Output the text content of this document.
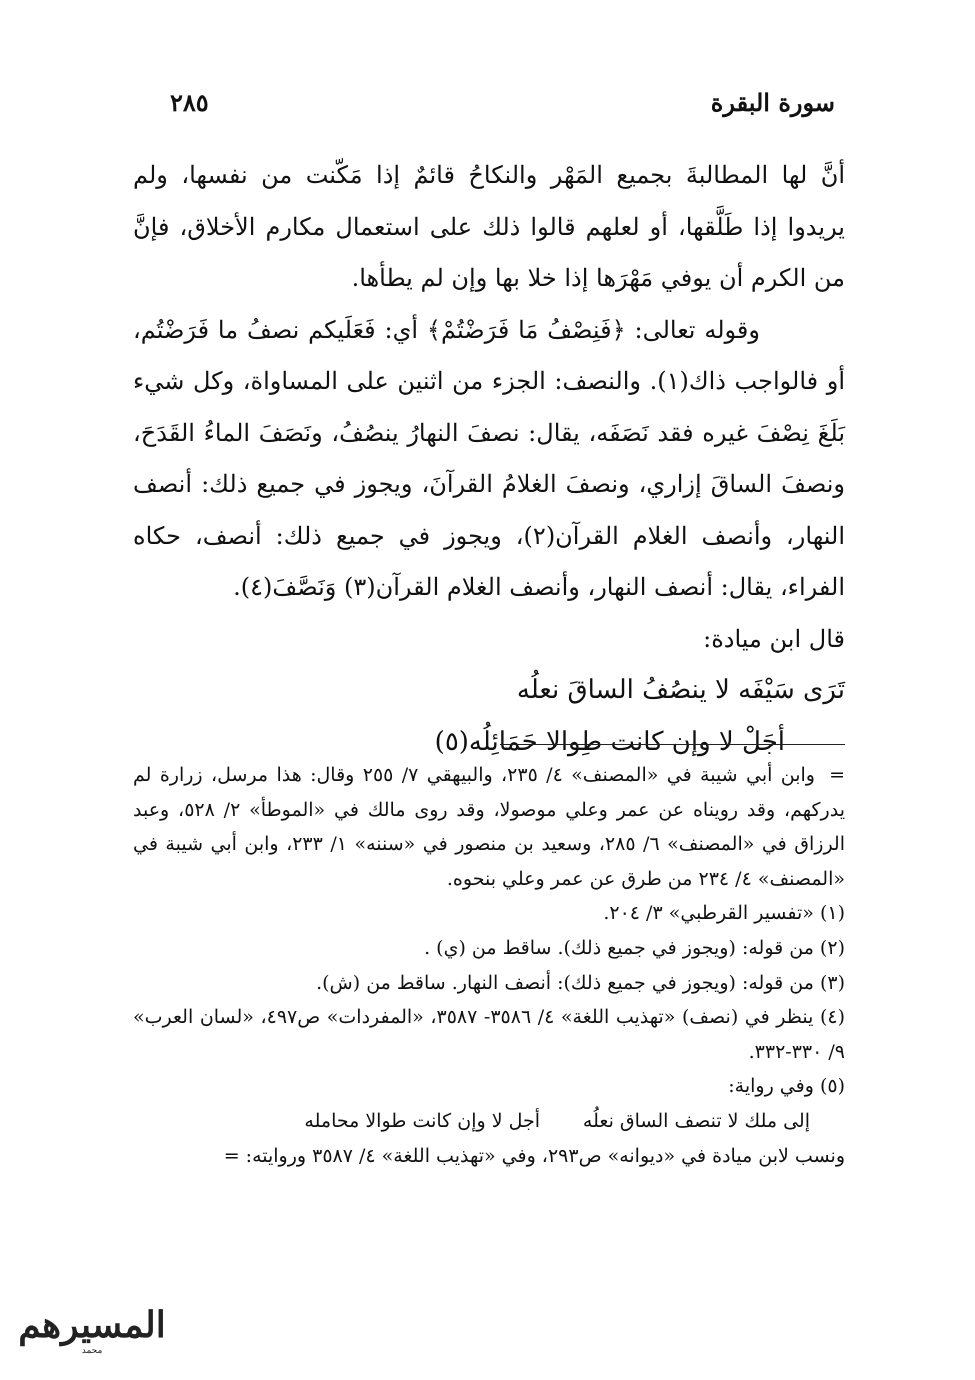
سورة البقرة
٢٨٥

أنَّ لها المطالبةَ بجميع المَهْر والنكاحُ قائمٌ إذا مَكّنت من نفسها، ولم يريدوا إذا طَلَّقها، أو لعلهم قالوا ذلك على استعمال مكارم الأخلاق، فإنَّ من الكرم أن يوفي مَهْرَها إذا خلا بها وإن لم يطأها.

وقوله تعالى: ﴿فَنِصْفُ مَا فَرَضْتُمْ﴾ أي: فَعَلَيكم نصفُ ما فَرَضْتُم، أو فالواجب ذاك(١). والنصف: الجزء من اثنين على المساواة، وكل شيء بَلَغَ نِصْفَ غيره فقد نَصَفَه، يقال: نصفَ النهارُ ينصُفُ، ونَصَفَ الماءُ القَدَحَ، ونصفَ الساقَ إزاري، ونصفَ الغلامُ القرآنَ، ويجوز في جميع ذلك: أنصف النهار، وأنصف الغلام القرآن(٢)، ويجوز في جميع ذلك: أنصف، حكاه الفراء، يقال: أنصف النهار، وأنصف الغلام القرآن(٣) وَنَصَّفَ(٤).

قال ابن ميادة:

تَرَى سَيْفَه لا ينصُفُ الساقَ نعلُه أجَلْ لا وإن كانت طِوالا حَمَائِلُه(٥)

=وابن أبي شيبة في «المصنف» ٤/ ٢٣٥، والبيهقي ٧/ ٢٥٥ وقال: هذا مرسل، زرارة لم يدركهم، وقد رويناه عن عمر وعلي موصولا، وقد روى مالك في «الموطأ» ٢/ ٥٢٨، وعبد الرزاق في «المصنف» ٦/ ٢٨٥، وسعيد بن منصور في «سننه» ١/ ٢٣٣، وابن أبي شيبة في «المصنف» ٤/ ٢٣٤ من طرق عن عمر وعلي بنحوه.

(١) «تفسير القرطبي» ٣/ ٢٠٤.

(٢) من قوله: (ويجوز في جميع ذلك). ساقط من (ي) .

(٣) من قوله: (ويجوز في جميع ذلك): أنصف النهار. ساقط من (ش).

(٤) ينظر في (نصف) «تهذيب اللغة» ٤/ ٣٥٨٦- ٣٥٨٧، «المفردات» ص٤٩٧، «لسان العرب» ٩/ ٣٣٠-٣٣٢.

(٥) وفي رواية:

إلى ملك لا تنصف الساق نعلُه
أجل لا وإن كانت طوالا محامله

ونسب لابن ميادة في «ديوانه» ص٢٩٣، وفي «تهذيب اللغة» ٤/ ٣٥٨٧ وروايته: =

المسيرهم
محمد
